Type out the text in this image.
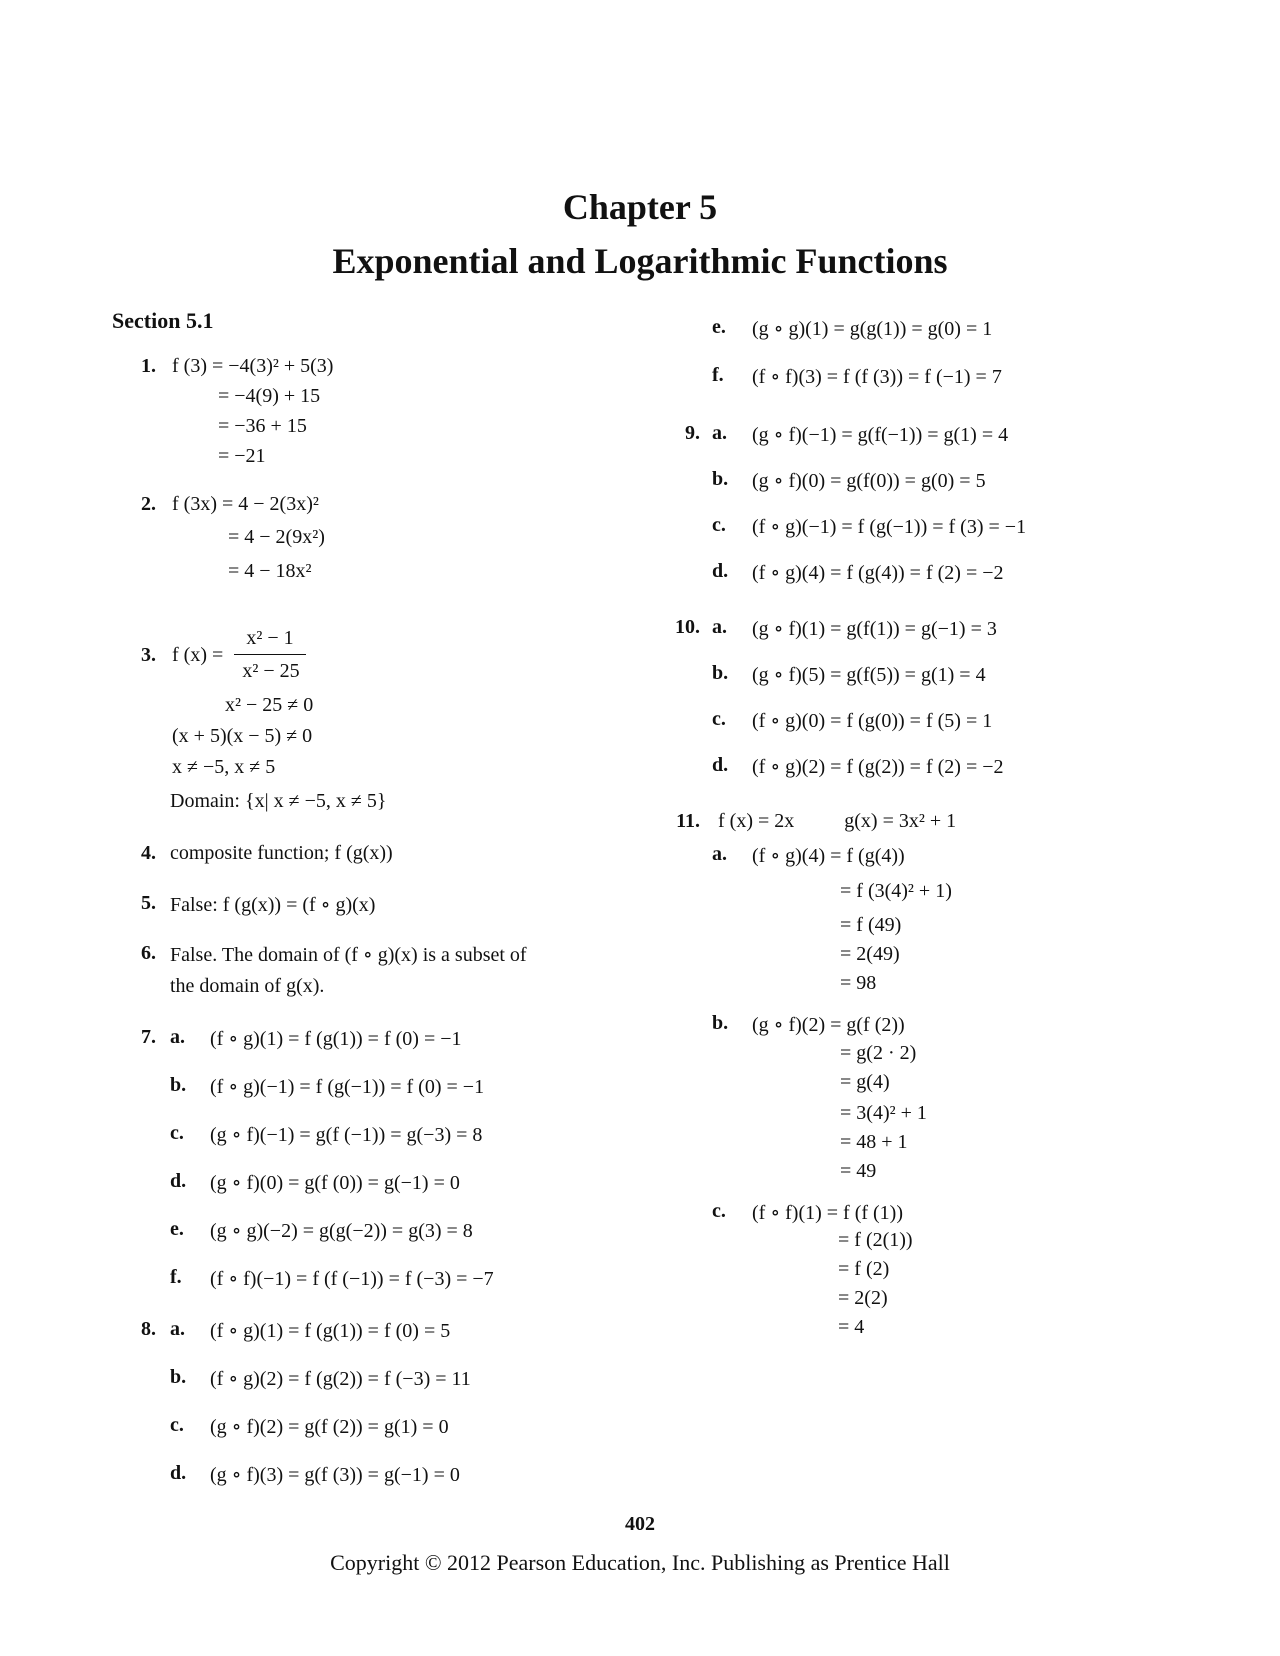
Chapter 5
Exponential and Logarithmic Functions
Section 5.1
1. f (3) = −4(3)² + 5(3)
= −4(9) + 15
= −36 + 15
= −21
2. f (3x) = 4 − 2(3x)²
= 4 − 2(9x²)
= 4 − 18x²
3. f (x) =
x² − 1
x² − 25
x² − 25 ≠ 0
(x + 5)(x − 5) ≠ 0
x ≠ −5, x ≠ 5
Domain: {x| x ≠ −5, x ≠ 5}
4. composite function; f (g(x))
5. False: f (g(x)) = (f ∘ g)(x)
6. False. The domain of (f ∘ g)(x) is a subset of
the domain of g(x).
7. a. (f ∘ g)(1) = f (g(1)) = f (0) = −1
b. (f ∘ g)(−1) = f (g(−1)) = f (0) = −1
c. (g ∘ f)(−1) = g(f (−1)) = g(−3) = 8
d. (g ∘ f)(0) = g(f (0)) = g(−1) = 0
e. (g ∘ g)(−2) = g(g(−2)) = g(3) = 8
f. (f ∘ f)(−1) = f (f (−1)) = f (−3) = −7
8. a. (f ∘ g)(1) = f (g(1)) = f (0) = 5
b. (f ∘ g)(2) = f (g(2)) = f (−3) = 11
c. (g ∘ f)(2) = g(f (2)) = g(1) = 0
d. (g ∘ f)(3) = g(f (3)) = g(−1) = 0
e. (g ∘ g)(1) = g(g(1)) = g(0) = 1
f. (f ∘ f)(3) = f (f (3)) = f (−1) = 7
9. a. (g ∘ f)(−1) = g(f(−1)) = g(1) = 4
b. (g ∘ f)(0) = g(f(0)) = g(0) = 5
c. (f ∘ g)(−1) = f (g(−1)) = f (3) = −1
d. (f ∘ g)(4) = f (g(4)) = f (2) = −2
10. a. (g ∘ f)(1) = g(f(1)) = g(−1) = 3
b. (g ∘ f)(5) = g(f(5)) = g(1) = 4
c. (f ∘ g)(0) = f (g(0)) = f (5) = 1
d. (f ∘ g)(2) = f (g(2)) = f (2) = −2
11. f (x) = 2x          g(x) = 3x² + 1
a. (f ∘ g)(4) = f (g(4))
= f (3(4)² + 1)
= f (49)
= 2(49)
= 98
b. (g ∘ f)(2) = g(f (2))
= g(2 · 2)
= g(4)
= 3(4)² + 1
= 48 + 1
= 49
c. (f ∘ f)(1) = f (f (1))
= f (2(1))
= f (2)
= 2(2)
= 4
402
Copyright © 2012 Pearson Education, Inc. Publishing as Prentice Hall
